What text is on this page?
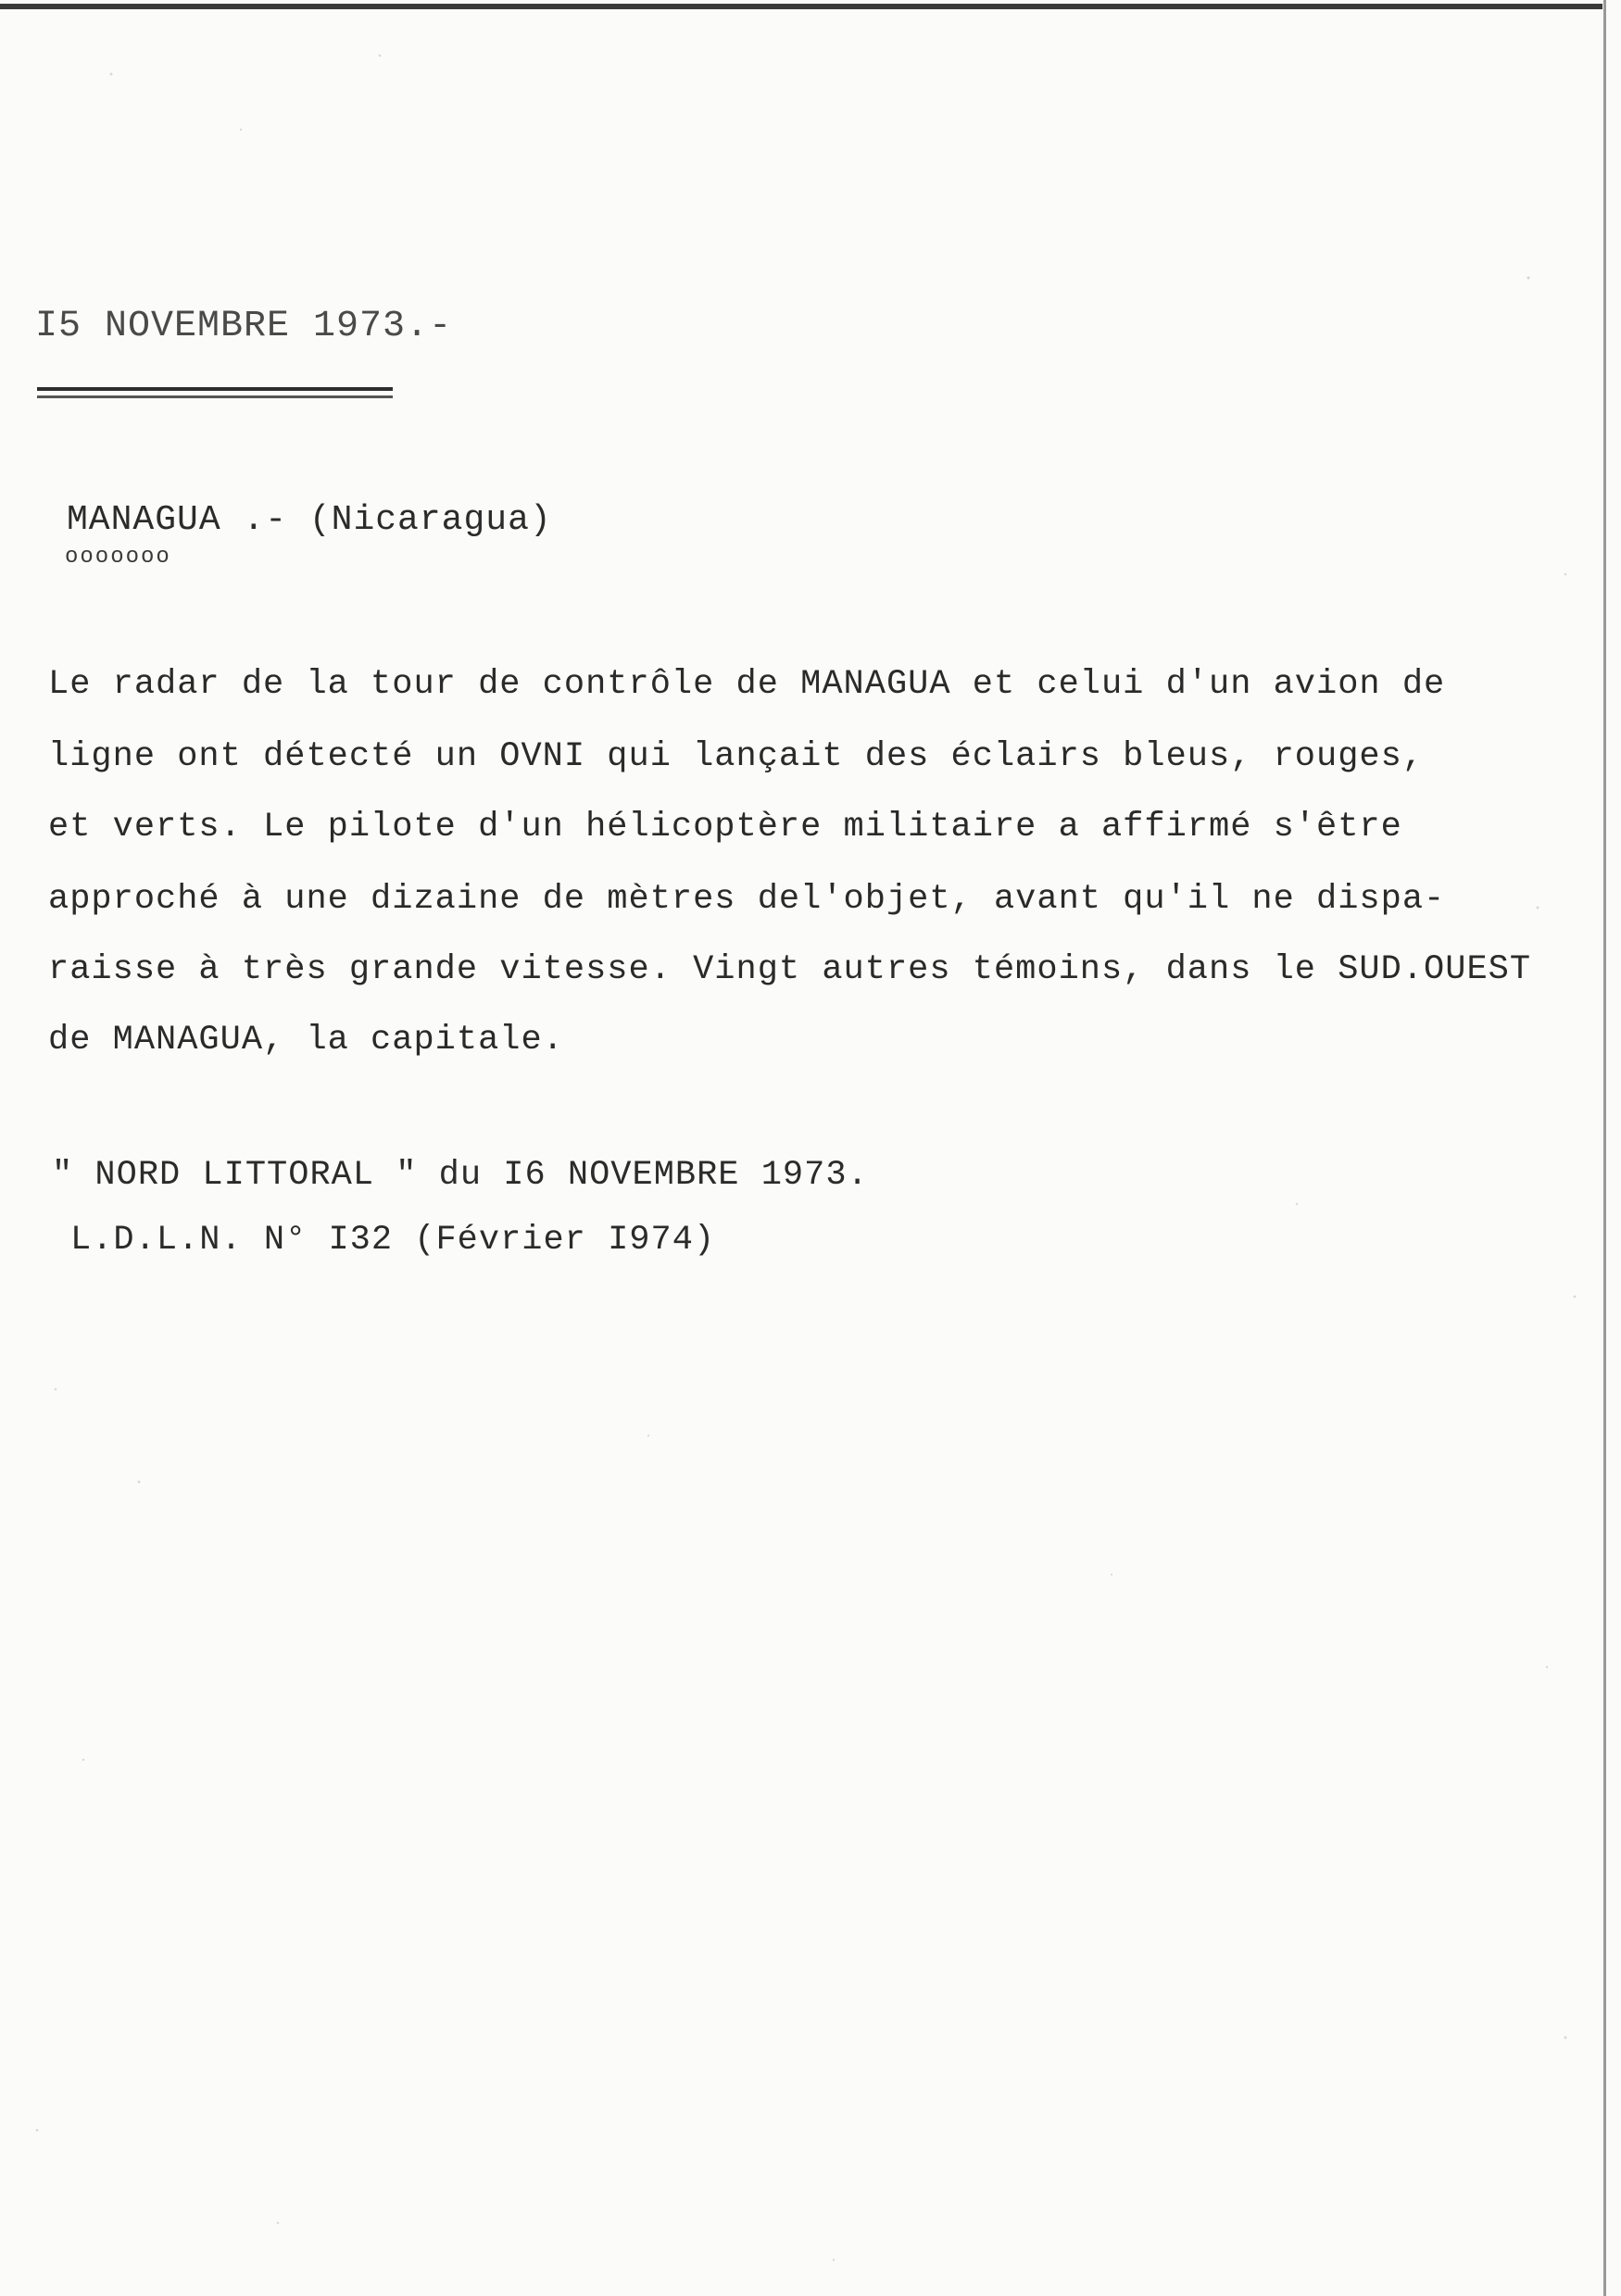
I5 NOVEMBRE 1973.-
MANAGUA .- (Nicaragua)
ooooooo
Le radar de la tour de contrôle de MANAGUA et celui d'un avion de
ligne ont détecté un OVNI qui lançait des éclairs bleus, rouges,
et verts. Le pilote d'un hélicoptère militaire a affirmé s'être
approché à une dizaine de mètres del'objet, avant qu'il ne dispa-
raisse à très grande vitesse. Vingt autres témoins, dans le SUD.OUEST
de MANAGUA, la capitale.
" NORD LITTORAL " du I6 NOVEMBRE 1973.
L.D.L.N. N° I32 (Février I974)
